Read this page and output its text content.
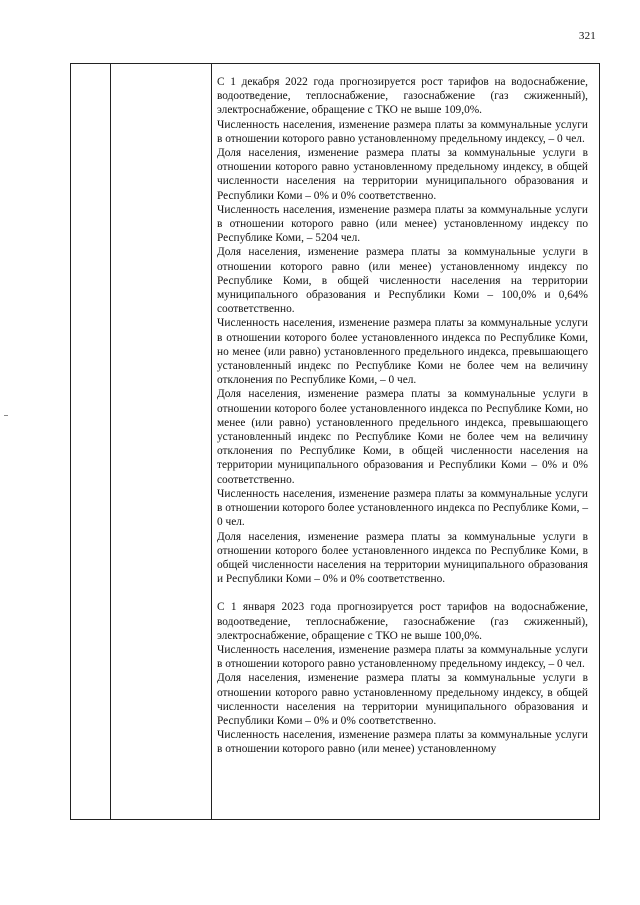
321

С 1 декабря 2022 года прогнозируется рост тарифов на водоснабжение, водоотведение, теплоснабжение, газоснабжение (газ сжиженный), электроснабжение, обращение с ТКО не выше 109,0%.

Численность населения, изменение размера платы за коммунальные услуги в отношении которого равно установленному предельному индексу, – 0 чел.

Доля населения, изменение размера платы за коммунальные услуги в отношении которого равно установленному предельному индексу, в общей численности населения на территории муниципального образования и Республики Коми – 0% и 0% соответственно.

Численность населения, изменение размера платы за коммунальные услуги в отношении которого равно (или менее) установленному индексу по Республике Коми, – 5204 чел.

Доля населения, изменение размера платы за коммунальные услуги в отношении которого равно (или менее) установленному индексу по Республике Коми, в общей численности населения на территории муниципального образования и Республики Коми – 100,0% и 0,64% соответственно.

Численность населения, изменение размера платы за коммунальные услуги в отношении которого более установленного индекса по Республике Коми, но менее (или равно) установленного предельного индекса, превышающего установленный индекс по Республике Коми не более чем на величину отклонения по Республике Коми, – 0 чел.

Доля населения, изменение размера платы за коммунальные услуги в отношении которого более установленного индекса по Республике Коми, но менее (или равно) установленного предельного индекса, превышающего установленный индекс по Республике Коми не более чем на величину отклонения по Республике Коми, в общей численности населения на территории муниципального образования и Республики Коми – 0% и 0% соответственно.

Численность населения, изменение размера платы за коммунальные услуги в отношении которого более установленного индекса по Республике Коми, – 0 чел.

Доля населения, изменение размера платы за коммунальные услуги в отношении которого более установленного индекса по Республике Коми, в общей численности населения на территории муниципального образования и Республики Коми – 0% и 0% соответственно.

С 1 января 2023 года прогнозируется рост тарифов на водоснабжение, водоотведение, теплоснабжение, газоснабжение (газ сжиженный), электроснабжение, обращение с ТКО не выше 100,0%.

Численность населения, изменение размера платы за коммунальные услуги в отношении которого равно установленному предельному индексу, – 0 чел.

Доля населения, изменение размера платы за коммунальные услуги в отношении которого равно установленному предельному индексу, в общей численности населения на территории муниципального образования и Республики Коми – 0% и 0% соответственно.

Численность населения, изменение размера платы за коммунальные услуги в отношении которого равно (или менее) установленному
